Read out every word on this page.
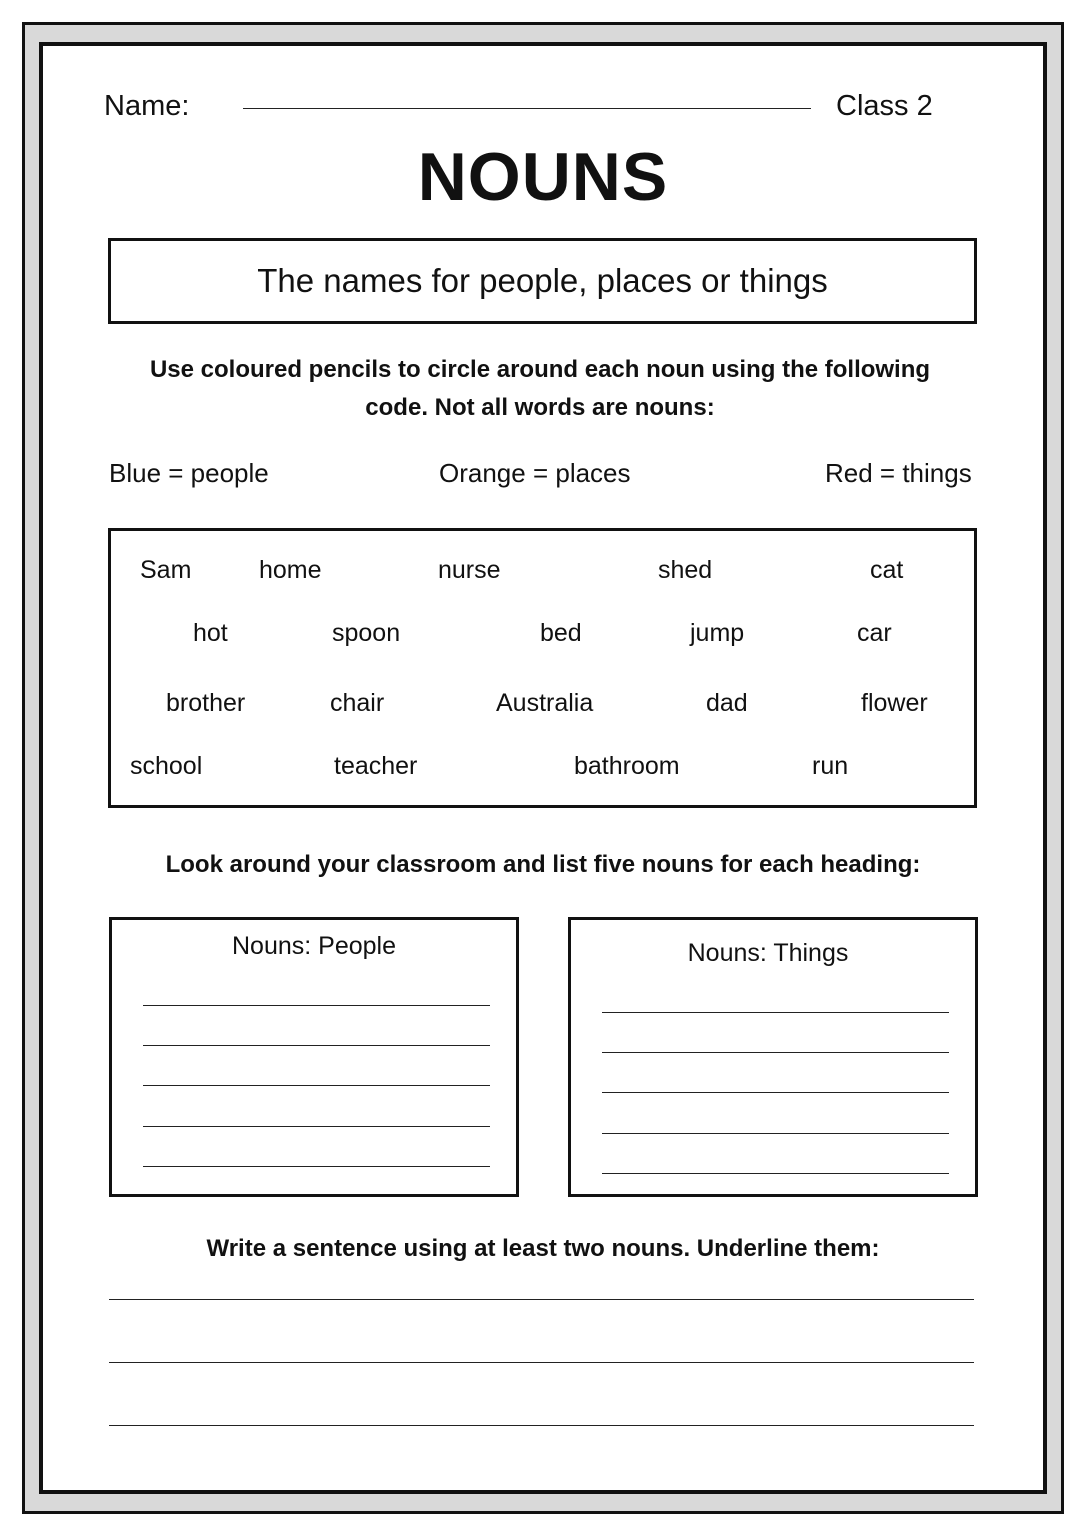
Name:	Class 2
NOUNS
The names for people, places or things
Use coloured pencils to circle around each noun using the following code. Not all words are nouns:
Blue = people	Orange = places	Red = things
Sam	home	nurse	shed	cat
hot	spoon	bed	jump	car
brother	chair	Australia	dad	flower
school	teacher	bathroom	run
Look around your classroom and list five nouns for each heading:
Nouns: People	Nouns: Things
Write a sentence using at least two nouns. Underline them:
